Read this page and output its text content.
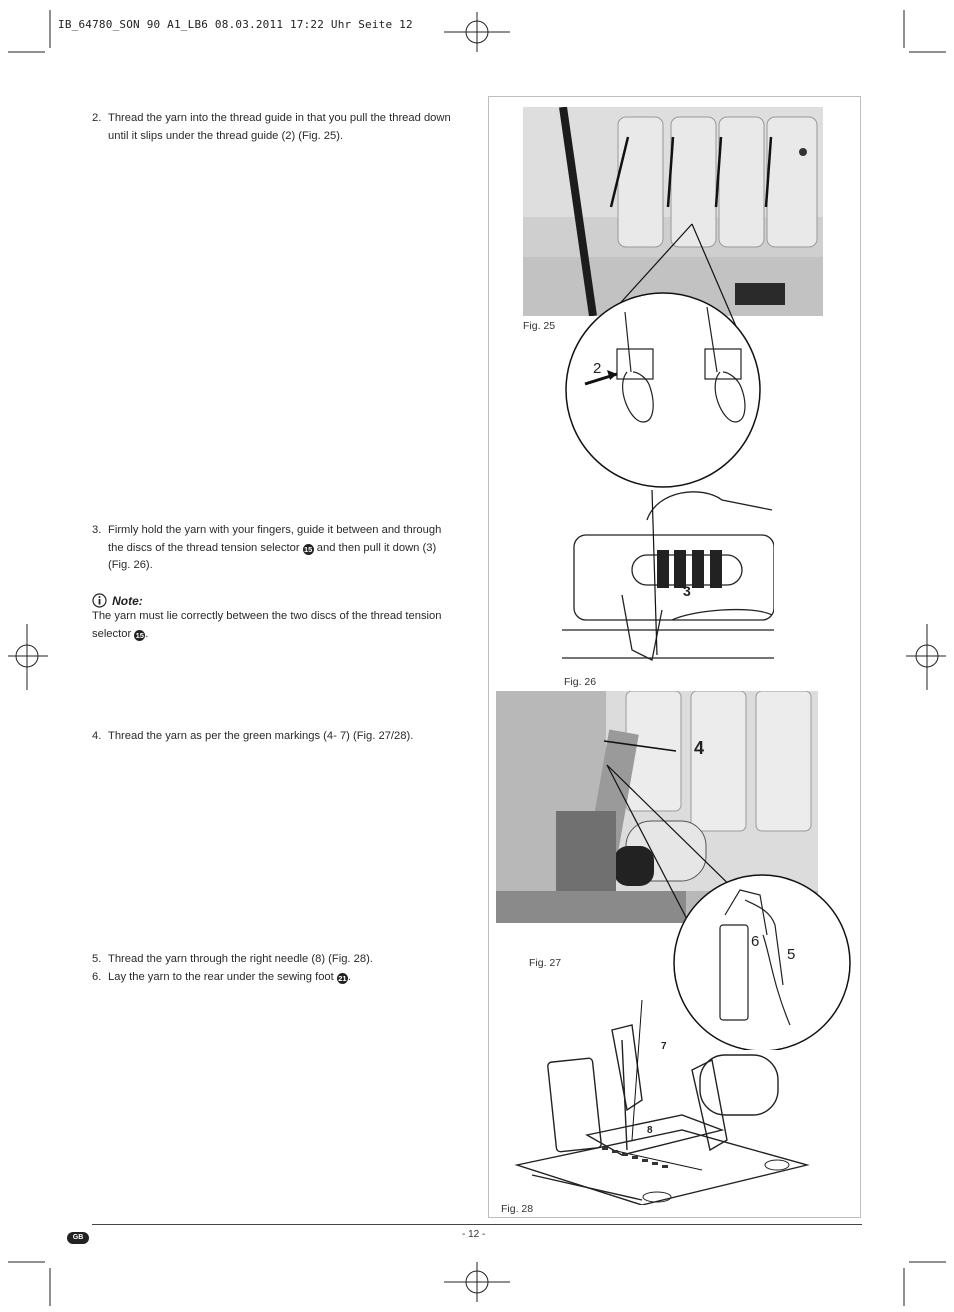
IB_64780_SON 90 A1_LB6 08.03.2011 17:22 Uhr Seite 12
2. Thread the yarn into the thread guide in that you pull the thread down until it slips under the thread guide (2) (Fig. 25).
3. Firmly hold the yarn with your fingers, guide it between and through the discs of the thread tension selector 15 and then pull it down (3) (Fig. 26).
Note:
The yarn must lie correctly between the two discs of the thread tension selector 15.
4. Thread the yarn as per the green markings (4- 7) (Fig. 27/28).
5. Thread the yarn through the right needle (8) (Fig. 28).
6. Lay the yarn to the rear under the sewing foot 21.
Fig. 25
2
3
Fig. 26
4
6
5
Fig. 27
7
8
Fig. 28
- 12 -
GB
